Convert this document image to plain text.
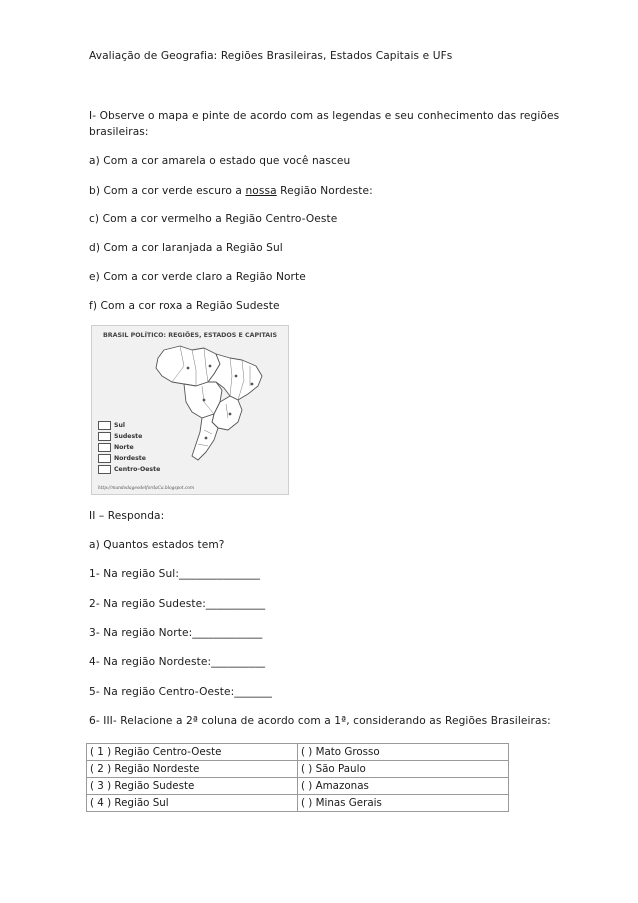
Avaliação de Geografia: Regiões Brasileiras, Estados Capitais e UFs
I- Observe o mapa e pinte de acordo com as legendas e seu conhecimento das regiões
brasileiras:
a) Com a cor amarela o estado que você nasceu
b) Com a cor verde escuro a nossa Região Nordeste:
c) Com a cor vermelho a Região Centro-Oeste
d) Com a cor laranjada a Região Sul
e) Com a cor verde claro a Região Norte
f) Com a cor roxa a Região Sudeste
BRASIL POLÍTICO: REGIÕES, ESTADOS E CAPITAIS
Sul
Sudeste
Norte
Nordeste
Centro-Oeste
http://mundodageodelfordaCa.blogspot.com
II – Responda:
a) Quantos estados tem?
1- Na região Sul:_______________
2- Na região Sudeste:___________
3- Na região Norte:_____________
4- Na região Nordeste:__________
5- Na região Centro-Oeste:_______
6- III- Relacione a 2ª coluna de acordo com a 1ª, considerando as Regiões Brasileiras:
( 1 ) Região Centro-Oeste	( ) Mato Grosso
( 2 ) Região Nordeste	( ) São Paulo
( 3 ) Região Sudeste	( ) Amazonas
( 4 ) Região Sul	( ) Minas Gerais
